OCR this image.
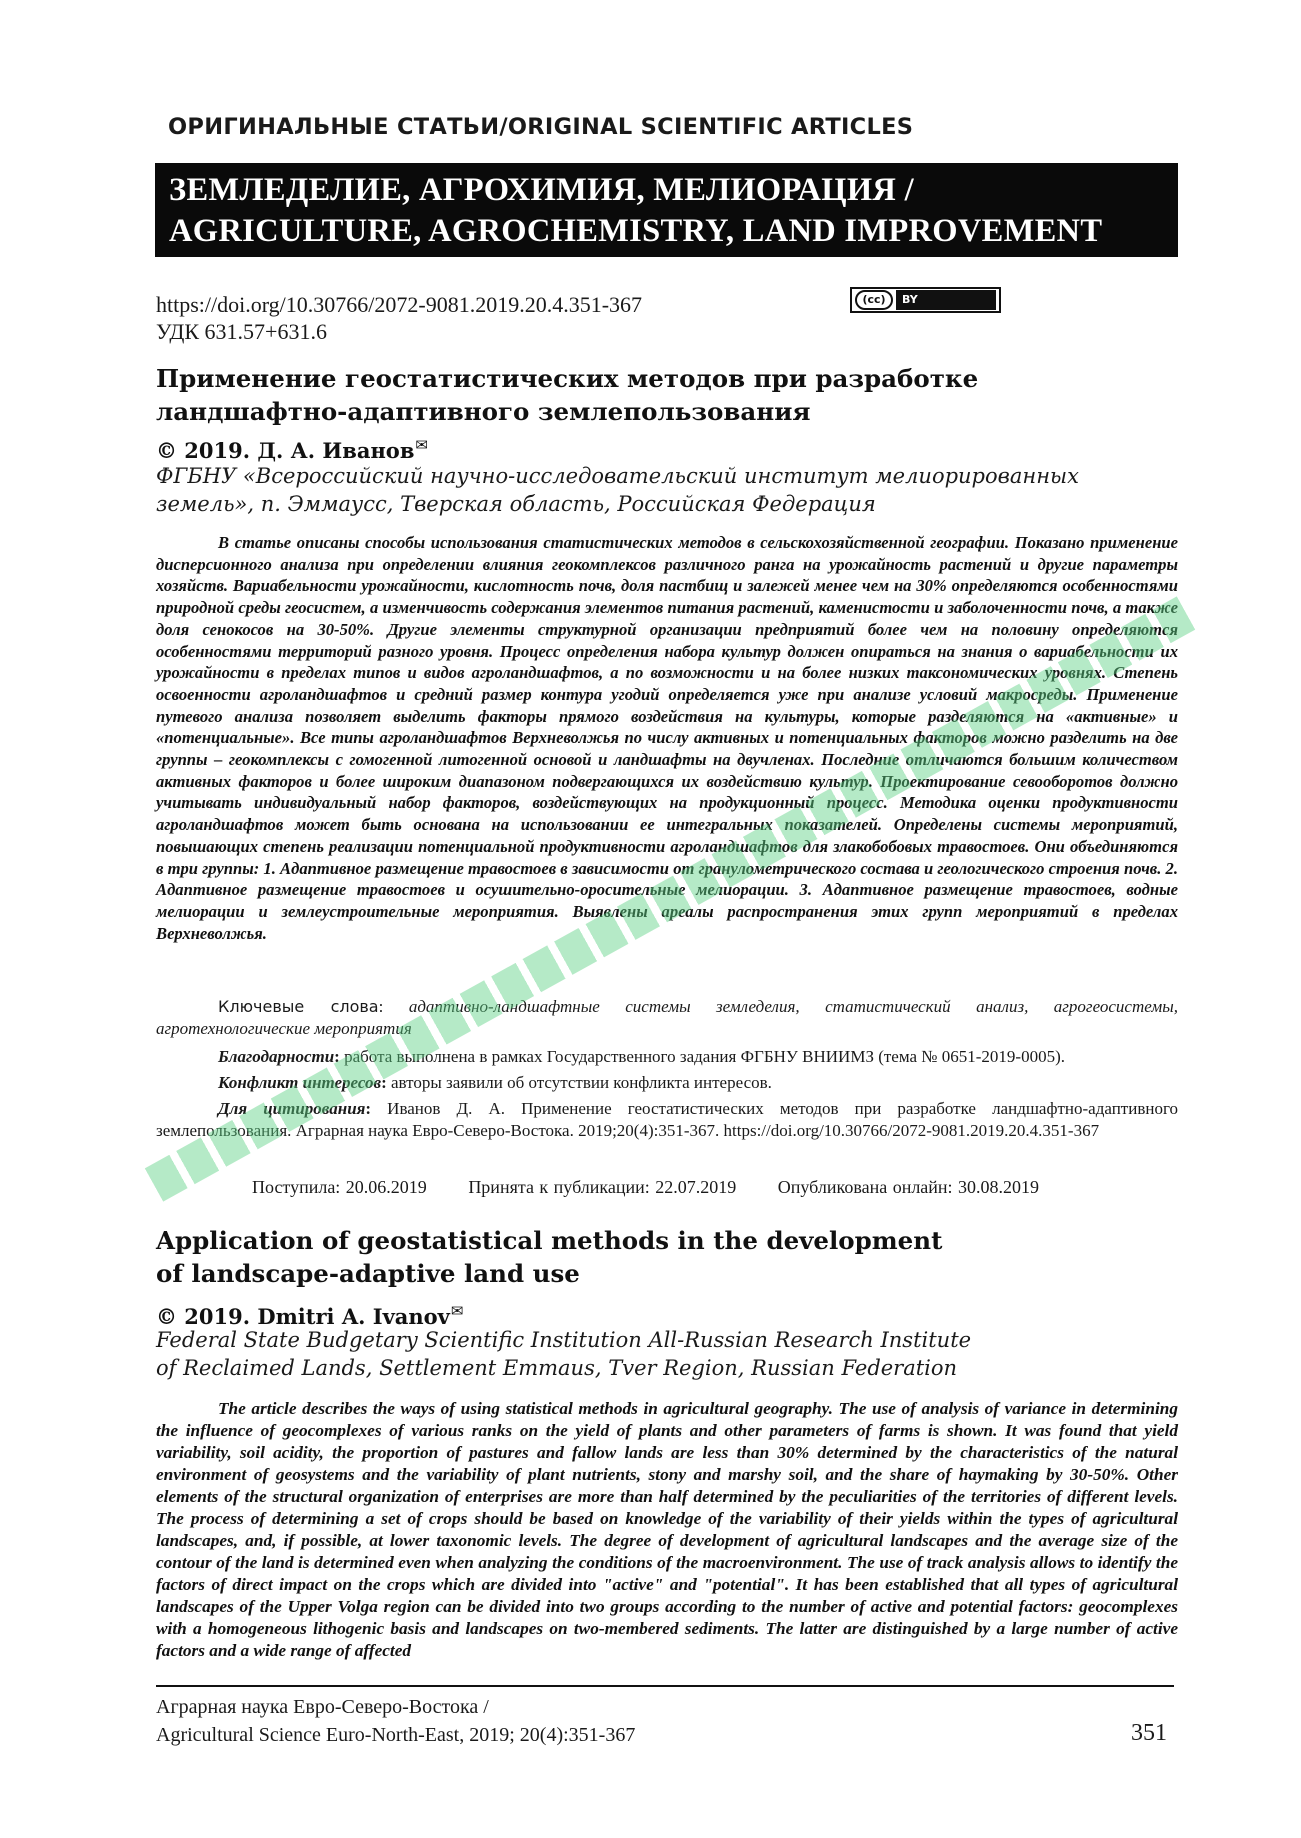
ОРИГИНАЛЬНЫЕ СТАТЬИ/ORIGINAL SCIENTIFIC ARTICLES
ЗЕМЛЕДЕЛИЕ, АГРОХИМИЯ, МЕЛИОРАЦИЯ /
AGRICULTURE, AGROCHEMISTRY, LAND IMPROVEMENT
https://doi.org/10.30766/2072-9081.2019.20.4.351-367
УДК 631.57+631.6
(cc)	BY
Применение геостатистических методов при разработке
ландшафтно-адаптивного землепользования
© 2019. Д. А. Иванов✉
ФГБНУ «Всероссийский научно-исследовательский институт мелиорированных
земель», п. Эммаусс, Тверская область, Российская Федерация
В статье описаны способы использования статистических методов в сельскохозяйственной географии. Показано применение дисперсионного анализа при определении влияния геокомплексов различного ранга на урожайность растений и другие параметры хозяйств. Вариабельности урожайности, кислотность почв, доля пастбищ и залежей менее чем на 30% определяются особенностями природной среды геосистем, а изменчивость содержания элементов питания растений, каменистости и заболоченности почв, а также доля сенокосов на 30-50%. Другие элементы структурной организации предприятий более чем на половину определяются особенностями территорий разного уровня. Процесс определения набора культур должен опираться на знания о вариабельности их урожайности в пределах типов и видов агроландшафтов, а по возможности и на более низких таксономических уровнях. Степень освоенности агроландшафтов и средний размер контура угодий определяется уже при анализе условий макросреды. Применение путевого анализа позволяет выделить факторы прямого воздействия на культуры, которые разделяются на «активные» и «потенциальные». Все типы агроландшафтов Верхневолжья по числу активных и потенциальных факторов можно разделить на две группы – геокомплексы с гомогенной литогенной основой и ландшафты на двучленах. Последние отличаются большим количеством активных факторов и более широким диапазоном подвергающихся их воздействию культур. Проектирование севооборотов должно учитывать индивидуальный набор факторов, воздействующих на продукционный процесс. Методика оценки продуктивности агроландшафтов может быть основана на использовании ее интегральных показателей. Определены системы мероприятий, повышающих степень реализации потенциальной продуктивности агроландшафтов для злакобобовых травостоев. Они объединяются в три группы: 1. Адаптивное размещение травостоев в зависимости от гранулометрического состава и геологического строения почв. 2. Адаптивное размещение травостоев и осушительно-оросительные мелиорации. 3. Адаптивное размещение травостоев, водные мелиорации и землеустроительные мероприятия. Выявлены ареалы распространения этих групп мероприятий в пределах Верхневолжья.
Ключевые слова: адаптивно-ландшафтные системы земледелия, статистический анализ, агрогеосистемы, агротехнологические мероприятия
Благодарности: работа выполнена в рамках Государственного задания ФГБНУ ВНИИМЗ (тема № 0651-2019-0005).
Конфликт интересов: авторы заявили об отсутствии конфликта интересов.
Для цитирования: Иванов Д. А. Применение геостатистических методов при разработке ландшафтно-адаптивного землепользования. Аграрная наука Евро-Северо-Востока. 2019;20(4):351-367. https://doi.org/10.30766/2072-9081.2019.20.4.351-367
Поступила: 20.06.2019 Принята к публикации: 22.07.2019 Опубликована онлайн: 30.08.2019
Application of geostatistical methods in the development
of landscape-adaptive land use
© 2019. Dmitri A. Ivanov✉
Federal State Budgetary Scientific Institution All-Russian Research Institute
of Reclaimed Lands, Settlement Emmaus, Tver Region, Russian Federation
The article describes the ways of using statistical methods in agricultural geography. The use of analysis of variance in determining the influence of geocomplexes of various ranks on the yield of plants and other parameters of farms is shown. It was found that yield variability, soil acidity, the proportion of pastures and fallow lands are less than 30% determined by the characteristics of the natural environment of geosystems and the variability of plant nutrients, stony and marshy soil, and the share of haymaking by 30-50%. Other elements of the structural organization of enterprises are more than half determined by the peculiarities of the territories of different levels. The process of determining a set of crops should be based on knowledge of the variability of their yields within the types of agricultural landscapes, and, if possible, at lower taxonomic levels. The degree of development of agricultural landscapes and the average size of the contour of the land is determined even when analyzing the conditions of the macroenvironment. The use of track analysis allows to identify the factors of direct impact on the crops which are divided into "active" and "potential". It has been established that all types of agricultural landscapes of the Upper Volga region can be divided into two groups according to the number of active and potential factors: geocomplexes with a homogeneous lithogenic basis and landscapes on two-membered sediments. The latter are distinguished by a large number of active factors and a wide range of affected
Аграрная наука Евро-Северо-Востока /
Agricultural Science Euro-North-East, 2019; 20(4):351-367	351
